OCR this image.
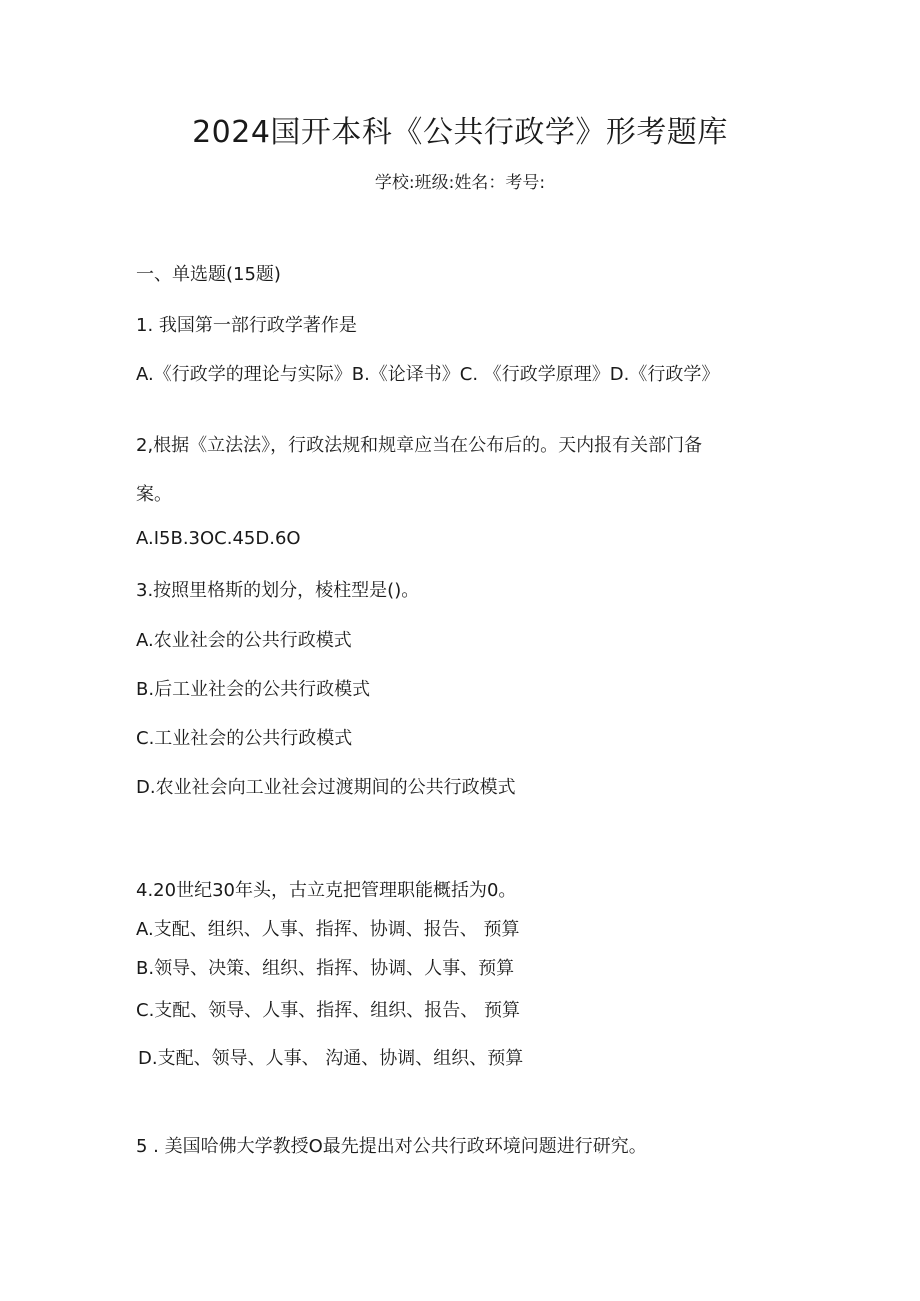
2024国开本科《公共行政学》形考题库
学校:班级:姓名：考号:
一、单选题(15题)
1. 我国第一部行政学著作是
A.《行政学的理论与实际》B.《论译书》C. 《行政学原理》D.《行政学》
2,根据《立法法》，行政法规和规章应当在公布后的。天内报有关部门备
案。
A.I5B.3OC.45D.6O
3.按照里格斯的划分，棱柱型是()。
A.农业社会的公共行政模式
B.后工业社会的公共行政模式
C.工业社会的公共行政模式
D.农业社会向工业社会过渡期间的公共行政模式
4.20世纪30年头，古立克把管理职能概括为0。
A.支配、组织、人事、指挥、协调、报告、 预算
B.领导、决策、组织、指挥、协调、人事、预算
C.支配、领导、人事、指挥、组织、报告、 预算
D.支配、领导、人事、 沟通、协调、组织、预算
5 . 美国哈佛大学教授O最先提出对公共行政环境问题进行研究。
